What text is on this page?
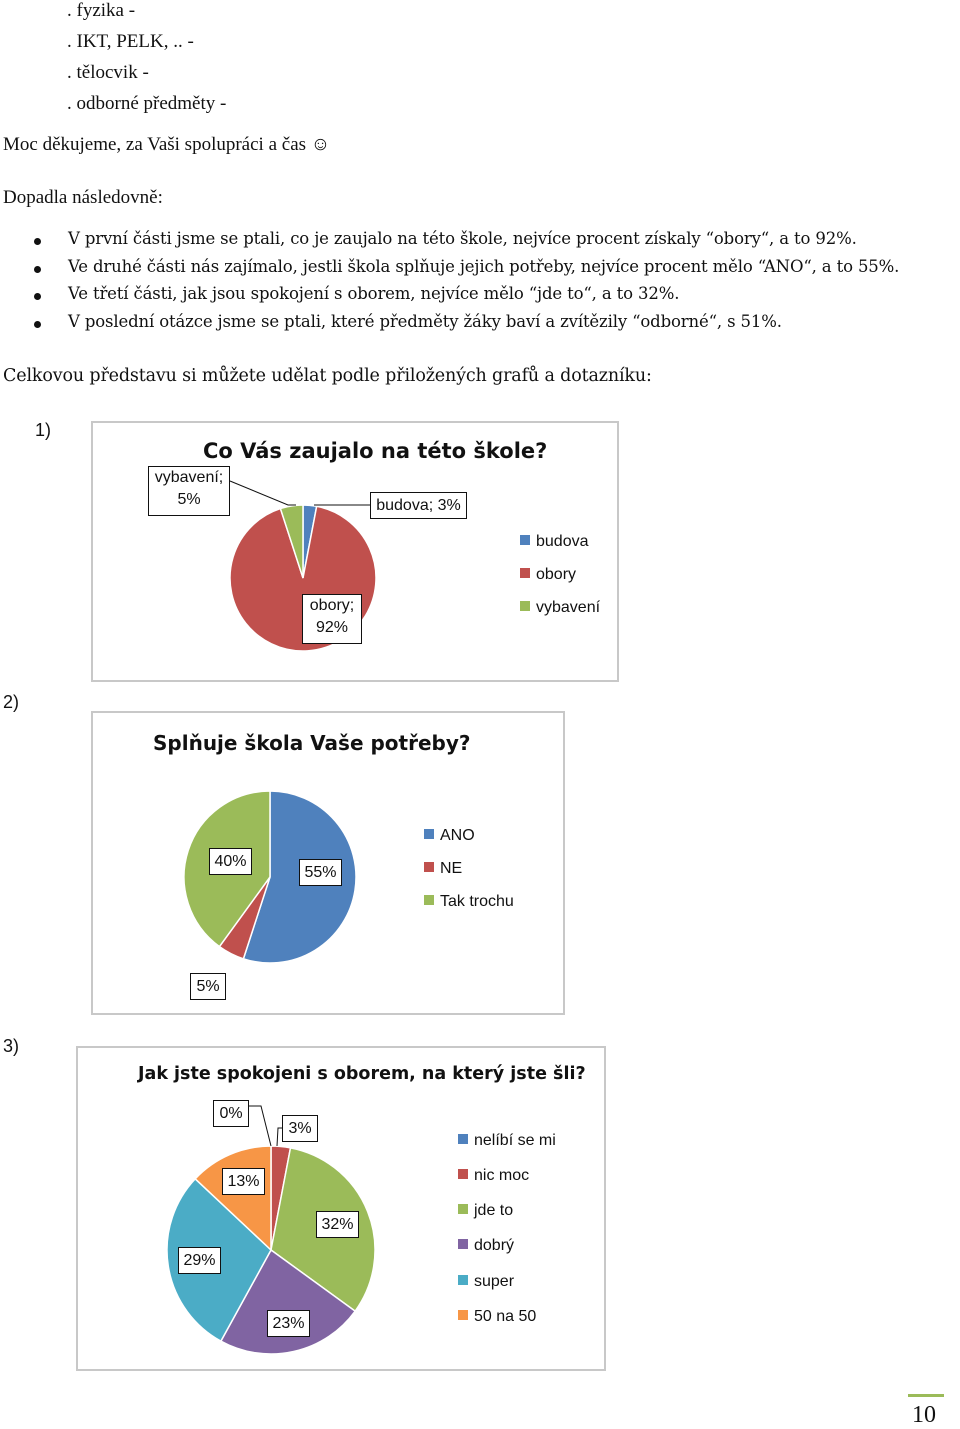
. fyzika -
. IKT, PELK, .. -
. tělocvik -
. odborné předměty -
Moc děkujeme, za Vaši spolupráci a čas ☺
Dopadla následovně:
V první části jsme se ptali, co je zaujalo na této škole, nejvíce procent získaly “obory“, a to 92%.
Ve druhé části nás zajímalo, jestli škola splňuje jejich potřeby, nejvíce procent mělo “ANO“, a to 55%.
Ve třetí části, jak jsou spokojení s oborem, nejvíce mělo “jde to“, a to 32%.
V poslední otázce jsme se ptali, které předměty žáky baví a zvítězily “odborné“, s 51%.
Celkovou představu si můžete udělat podle přiložených grafů a dotazníku:
1)
Co Vás zaujalo na této škole?
vybavení; 5%	budova; 3%
obory; 92%
budova
obory
vybavení
2)
Splňuje škola Vaše potřeby?
40%
55%
5%
ANO
NE
Tak trochu
3)
Jak jste spokojeni s oborem, na který jste šli?
0%
3%
13%
32%
29%
23%
nelíbí se mi
nic moc
jde to
dobrý
super
50 na 50
10
